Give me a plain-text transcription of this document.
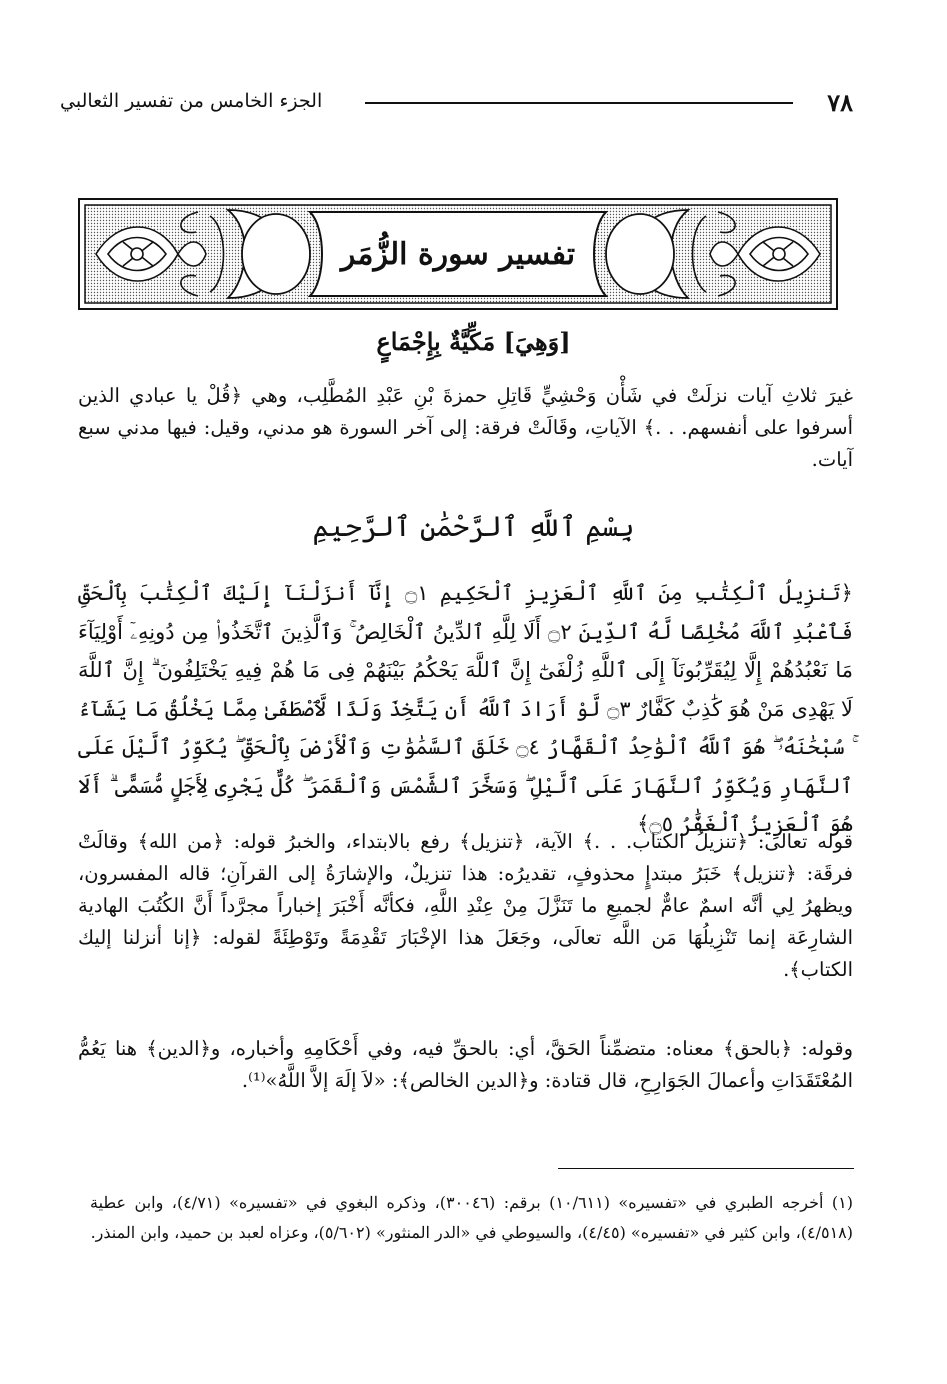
٧٨
الجزء الخامس من تفسير الثعالبي
تفسير سورة الزُّمَر
[وَهِيَ] مَكِّيَّةٌ بِإِجْمَاعٍ
غيرَ ثلاثِ آيات نزلَتْ في شَأْن وَحْشِيٍّ قَاتِلِ حمزةَ بْنِ عَبْدِ المُطَّلِب، وهي ﴿قُلْ يا عبادي الذين أسرفوا على أنفسهم. . .﴾ الآياتِ، وقَالَتْ فرقة: إلى آخر السورة هو مدني، وقيل: فيها مدني سبع آيات.
بِسْمِ ٱللَّهِ ٱلرَّحْمَٰنِ ٱلرَّحِيمِ
﴿تَنزِيلُ ٱلْكِتَٰبِ مِنَ ٱللَّهِ ٱلْعَزِيزِ ٱلْحَكِيمِ ۝١ إِنَّآ أَنزَلْنَآ إِلَيْكَ ٱلْكِتَٰبَ بِٱلْحَقِّ فَٱعْبُدِ ٱللَّهَ مُخْلِصًا لَّهُ ٱلدِّينَ ۝٢ أَلَا لِلَّهِ ٱلدِّينُ ٱلْخَالِصُ ۚ وَٱلَّذِينَ ٱتَّخَذُوا۟ مِن دُونِهِۦٓ أَوْلِيَآءَ مَا نَعْبُدُهُمْ إِلَّا لِيُقَرِّبُونَآ إِلَى ٱللَّهِ زُلْفَىٰٓ إِنَّ ٱللَّهَ يَحْكُمُ بَيْنَهُمْ فِى مَا هُمْ فِيهِ يَخْتَلِفُونَ ۗ إِنَّ ٱللَّهَ لَا يَهْدِى مَنْ هُوَ كَٰذِبٌ كَفَّارٌ ۝٣ لَّوْ أَرَادَ ٱللَّهُ أَن يَتَّخِذَ وَلَدًا لَّٱصْطَفَىٰ مِمَّا يَخْلُقُ مَا يَشَآءُ ۚ سُبْحَٰنَهُۥ ۖ هُوَ ٱللَّهُ ٱلْوَٰحِدُ ٱلْقَهَّارُ ۝٤ خَلَقَ ٱلسَّمَٰوَٰتِ وَٱلْأَرْضَ بِٱلْحَقِّ ۖ يُكَوِّرُ ٱلَّيْلَ عَلَى ٱلنَّهَارِ وَيُكَوِّرُ ٱلنَّهَارَ عَلَى ٱلَّيْلِ ۖ وَسَخَّرَ ٱلشَّمْسَ وَٱلْقَمَرَ ۖ كُلٌّ يَجْرِى لِأَجَلٍ مُّسَمًّى ۗ أَلَا هُوَ ٱلْعَزِيزُ ٱلْغَفَّٰرُ ۝٥﴾
قوله تعالى: ﴿تنزيلُ الكتاب. . .﴾ الآية، ﴿تنزيل﴾ رفع بالابتداء، والخبرُ قوله: ﴿من الله﴾ وقالَتْ فرقَة: ﴿تنزيل﴾ خَبَرُ مبتدإٍ محذوفٍ، تقديرُه: هذا تنزيلٌ، والإشارَةُ إلى القرآنِ؛ قاله المفسرون، ويظهرُ لِي أنَّه اسمٌ عامٌّ لجميعِ ما تَنَزَّلَ مِنْ عِنْدِ اللَّهِ، فكأنَّه أَخْبَرَ إخباراً مجرَّداً أَنَّ الكُتُبَ الهادية الشارِعَة إنما تَنْزِيلُهَا مَن اللَّه تعالَى، وجَعَلَ هذا الإخْبَارَ تَقْدِمَةً وتَوْطِئَةً لقوله: ﴿إنا أنزلنا إليك الكتاب﴾.
وقوله: ﴿بالحق﴾ معناه: متضمِّناً الحَقَّ، أي: بالحقِّ فيه، وفي أَحْكَامِهِ وأخباره، و﴿الدين﴾ هنا يَعُمُّ المُعْتَقَدَاتِ وأعمالَ الجَوَارِحِ، قال قتادة: و﴿الدين الخالص﴾: «لاَ إلَهَ إلاَّ اللَّهُ»⁽¹⁾.
(١) أخرجه الطبري في «تفسيره» (١٠/٦١١) برقم: (٣٠٠٤٦)، وذكره البغوي في «تفسيره» (٤/٧١)، وابن عطية (٤/٥١٨)، وابن كثير في «تفسيره» (٤/٤٥)، والسيوطي في «الدر المنثور» (٥/٦٠٢)، وعزاه لعبد بن حميد، وابن المنذر.
